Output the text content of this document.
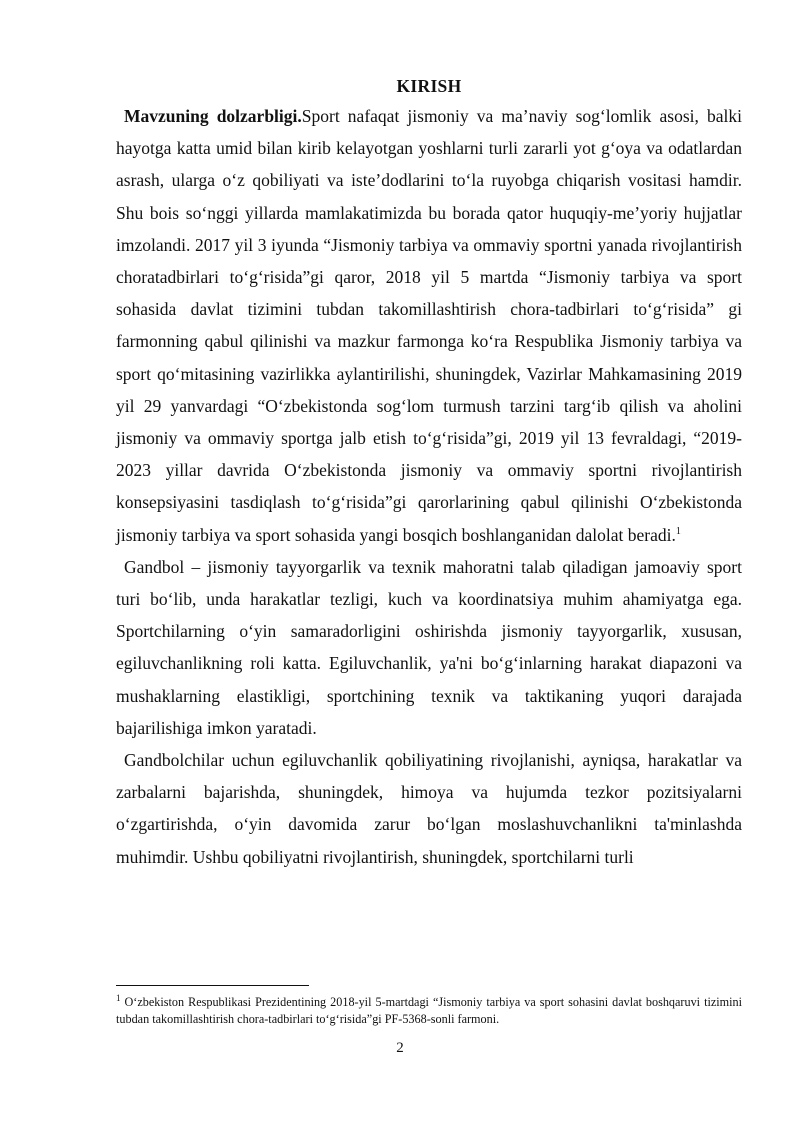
KIRISH

Mavzuning dolzarbligi.Sport nafaqat jismoniy va ma’naviy sog‘lomlik asosi, balki hayotga katta umid bilan kirib kelayotgan yoshlarni turli zararli yot g‘oya va odatlardan asrash, ularga o‘z qobiliyati va iste’dodlarini to‘la ruyobga chiqarish vositasi hamdir. Shu bois so‘nggi yillarda mamlakatimizda bu borada qator huquqiy-me’yoriy hujjatlar imzolandi. 2017 yil 3 iyunda “Jismoniy tarbiya va ommaviy sportni yanada rivojlantirish choratadbirlari to‘g‘risida”gi qaror, 2018 yil 5 martda “Jismoniy tarbiya va sport sohasida davlat tizimini tubdan takomillashtirish chora-tadbirlari to‘g‘risida” gi farmonning qabul qilinishi va mazkur farmonga ko‘ra Respublika Jismoniy tarbiya va sport qo‘mitasining vazirlikka aylantirilishi, shuningdek, Vazirlar Mahkamasining 2019 yil 29 yanvardagi “O‘zbekistonda sog‘lom turmush tarzini targ‘ib qilish va aholini jismoniy va ommaviy sportga jalb etish to‘g‘risida”gi, 2019 yil 13 fevraldagi, “2019-2023 yillar davrida O‘zbekistonda jismoniy va ommaviy sportni rivojlantirish konsepsiyasini tasdiqlash to‘g‘risida”gi qarorlarining qabul qilinishi O‘zbekistonda jismoniy tarbiya va sport sohasida yangi bosqich boshlanganidan dalolat beradi.$^1$

Gandbol – jismoniy tayyorgarlik va texnik mahoratni talab qiladigan jamoaviy sport turi bo‘lib, unda harakatlar tezligi, kuch va koordinatsiya muhim ahamiyatga ega. Sportchilarning o‘yin samaradorligini oshirishda jismoniy tayyorgarlik, xususan, egiluvchanlikning roli katta. Egiluvchanlik, ya'ni bo‘g‘inlarning harakat diapazoni va mushaklarning elastikligi, sportchining texnik va taktikaning yuqori darajada bajarilishiga imkon yaratadi.

Gandbolchilar uchun egiluvchanlik qobiliyatining rivojlanishi, ayniqsa, harakatlar va zarbalarni bajarishda, shuningdek, himoya va hujumda tezkor pozitsiyalarni o‘zgartirishda, o‘yin davomida zarur bo‘lgan moslashuvchanlikni ta'minlashda muhimdir. Ushbu qobiliyatni rivojlantirish, shuningdek, sportchilarni turli

$^1$ O‘zbekiston Respublikasi Prezidentining 2018-yil 5-martdagi “Jismoniy tarbiya va sport sohasini davlat boshqaruvi tizimini tubdan takomillashtirish chora-tadbirlari to‘g‘risida”gi PF-5368-sonli farmoni.

2
